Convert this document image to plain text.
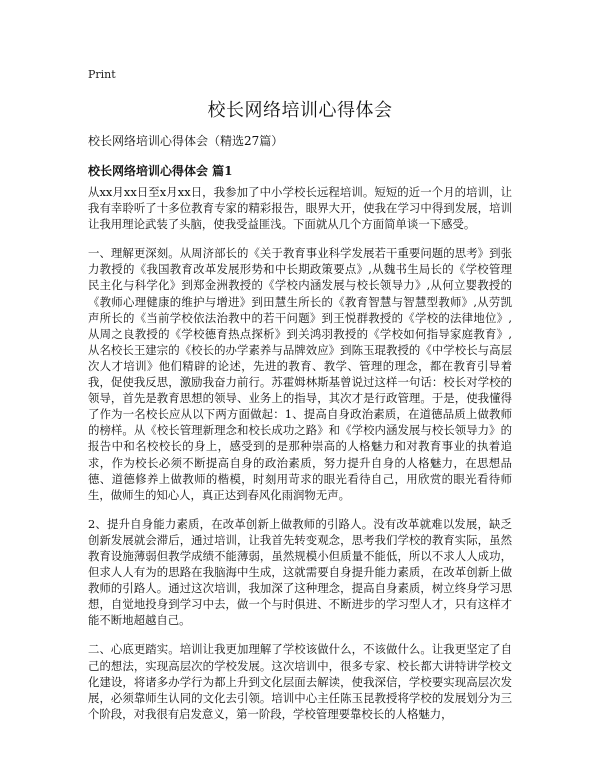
Print
校长网络培训心得体会
校长网络培训心得体会（精选27篇）
校长网络培训心得体会 篇1

从xx月xx日至x月xx日，我参加了中小学校长远程培训。短短的近一个月的培训，让我有幸聆听了十多位教育专家的精彩报告，眼界大开，使我在学习中得到发展，培训让我用理论武装了头脑，使我受益匪浅。下面就从几个方面简单谈一下感受。

一、理解更深刻。从周济部长的《关于教育事业科学发展若干重要问题的思考》到张力教授的《我国教育改革发展形势和中长期政策要点》,从魏书生局长的《学校管理民主化与科学化》到郑金洲教授的《学校内涵发展与校长领导力》,从何立婴教授的《教师心理健康的维护与增进》到田慧生所长的《教育智慧与智慧型教师》,从劳凯声所长的《当前学校依法治教中的若干问题》到王悦群教授的《学校的法律地位》,从周之良教授的《学校德育热点探析》到关鸿羽教授的《学校如何指导家庭教育》,从名校长王建宗的《校长的办学素养与品牌效应》到陈玉琨教授的《中学校长与高层次人才培训》他们精辟的论述，先进的教育、教学、管理的理念，都在教育引导着我，促使我反思，激励我奋力前行。苏霍姆林斯基曾说过这样一句话：校长对学校的领导，首先是教育思想的领导、业务上的指导，其次才是行政管理。于是，使我懂得了作为一名校长应从以下两方面做起：1、提高自身政治素质，在道德品质上做教师的榜样。从《校长管理新理念和校长成功之路》和《学校内涵发展与校长领导力》的报告中和名校校长的身上，感受到的是那种崇高的人格魅力和对教育事业的执着追求，作为校长必须不断提高自身的政治素质，努力提升自身的人格魅力，在思想品德、道德修养上做教师的楷模，时刻用苛求的眼光看待自己，用欣赏的眼光看待师生，做师生的知心人，真正达到春风化雨润物无声。

2、提升自身能力素质，在改革创新上做教师的引路人。没有改革就难以发展，缺乏创新发展就会滞后，通过培训，让我首先转变观念，思考我们学校的教育实际，虽然教育设施薄弱但教学成绩不能薄弱，虽然规模小但质量不能低，所以不求人人成功，但求人人有为的思路在我脑海中生成，这就需要自身提升能力素质，在改革创新上做教师的引路人。通过这次培训，我加深了这种理念，提高自身素质，树立终身学习思想，自觉地投身到学习中去，做一个与时俱进、不断进步的学习型人才，只有这样才能不断地超越自己。

二、心底更踏实。培训让我更加理解了学校该做什么，不该做什么。让我更坚定了自己的想法，实现高层次的学校发展。这次培训中，很多专家、校长都大讲特讲学校文化建设，将诸多办学行为都上升到文化层面去解读，使我深信，学校要实现高层次发展，必须靠师生认同的文化去引领。培训中心主任陈玉昆教授将学校的发展划分为三个阶段，对我很有启发意义，第一阶段，学校管理要靠校长的人格魅力，
